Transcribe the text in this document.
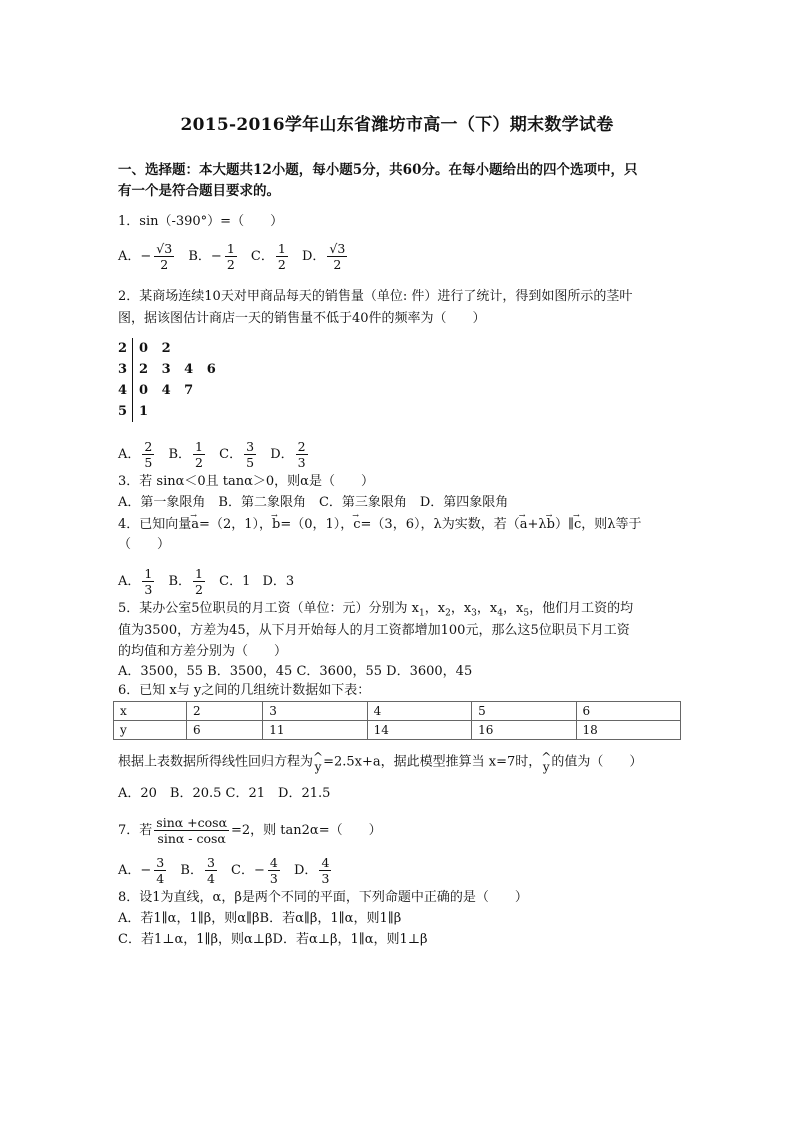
2015-2016学年山东省潍坊市高一（下）期末数学试卷
一、选择题：本大题共12小题，每小题5分，共60分。在每小题给出的四个选项中，只
有一个是符合题目要求的。
1．sin（-390°）=（　　）
A．− $\frac{√3}{2}$ B．− $\frac{1}{2}$ C． $\frac{1}{2}$ D． $\frac{√3}{2}$
2．某商场连续10天对甲商品每天的销售量（单位: 件）进行了统计，得到如图所示的茎叶
图，据该图估计商店一天的销售量不低于40件的频率为（　　）
2 0 2
3 2 3 4 6
4 0 4 7
5 1
A． $\frac{2}{5}$ B． $\frac{1}{2}$ C． $\frac{3}{5}$ D． $\frac{2}{3}$
3．若 sinα＜0且 tanα＞0，则α是（　　）
A．第一象限角　B．第二象限角　C．第三象限角　D．第四象限角
4．已知向量→ a=（2，1），→ b=（0，1），→ c=（3，6），λ为实数，若（→ a+λ→ b）∥→ c，则λ等于
（　　）
A． $\frac{1}{3}$ B． $\frac{1}{2}$ C．1 D．3
5．某办公室5位职员的月工资（单位：元）分别为 $x_1$，$x_2$，$x_3$，$x_4$，$x_5$，他们月工资的均
值为3500，方差为45，从下月开始每人的月工资都增加100元，那么这5位职员下月工资
的均值和方差分别为（　　）
A．3500，55 B．3500，45 C．3600，55 D．3600，45
6．已知 x与 y之间的几组统计数据如下表：
x	2	3	4	5	6
y	6	11	14	16	18
根据上表数据所得线性回归方程为 ^
y =2.5x+a，据此模型推算当 x=7时， ^
y 的值为（　　）
A．20　B．20.5 C．21　D．21.5
7．若 $\frac{\sin\alpha +\cos\alpha}{\sin\alpha - \cos\alpha} =2$，则 tan2α=（　　）
A．− $\frac{3}{4}$ B． $\frac{3}{4}$ C．− $\frac{4}{3}$ D． $\frac{4}{3}$
8．设1为直线，α，β是两个不同的平面，下列命题中正确的是（　　）
A．若1∥α，1∥β，则α∥βB．若α∥β，1∥α，则1∥β
C．若1⊥α，1∥β，则α⊥βD．若α⊥β，1∥α，则1⊥β
